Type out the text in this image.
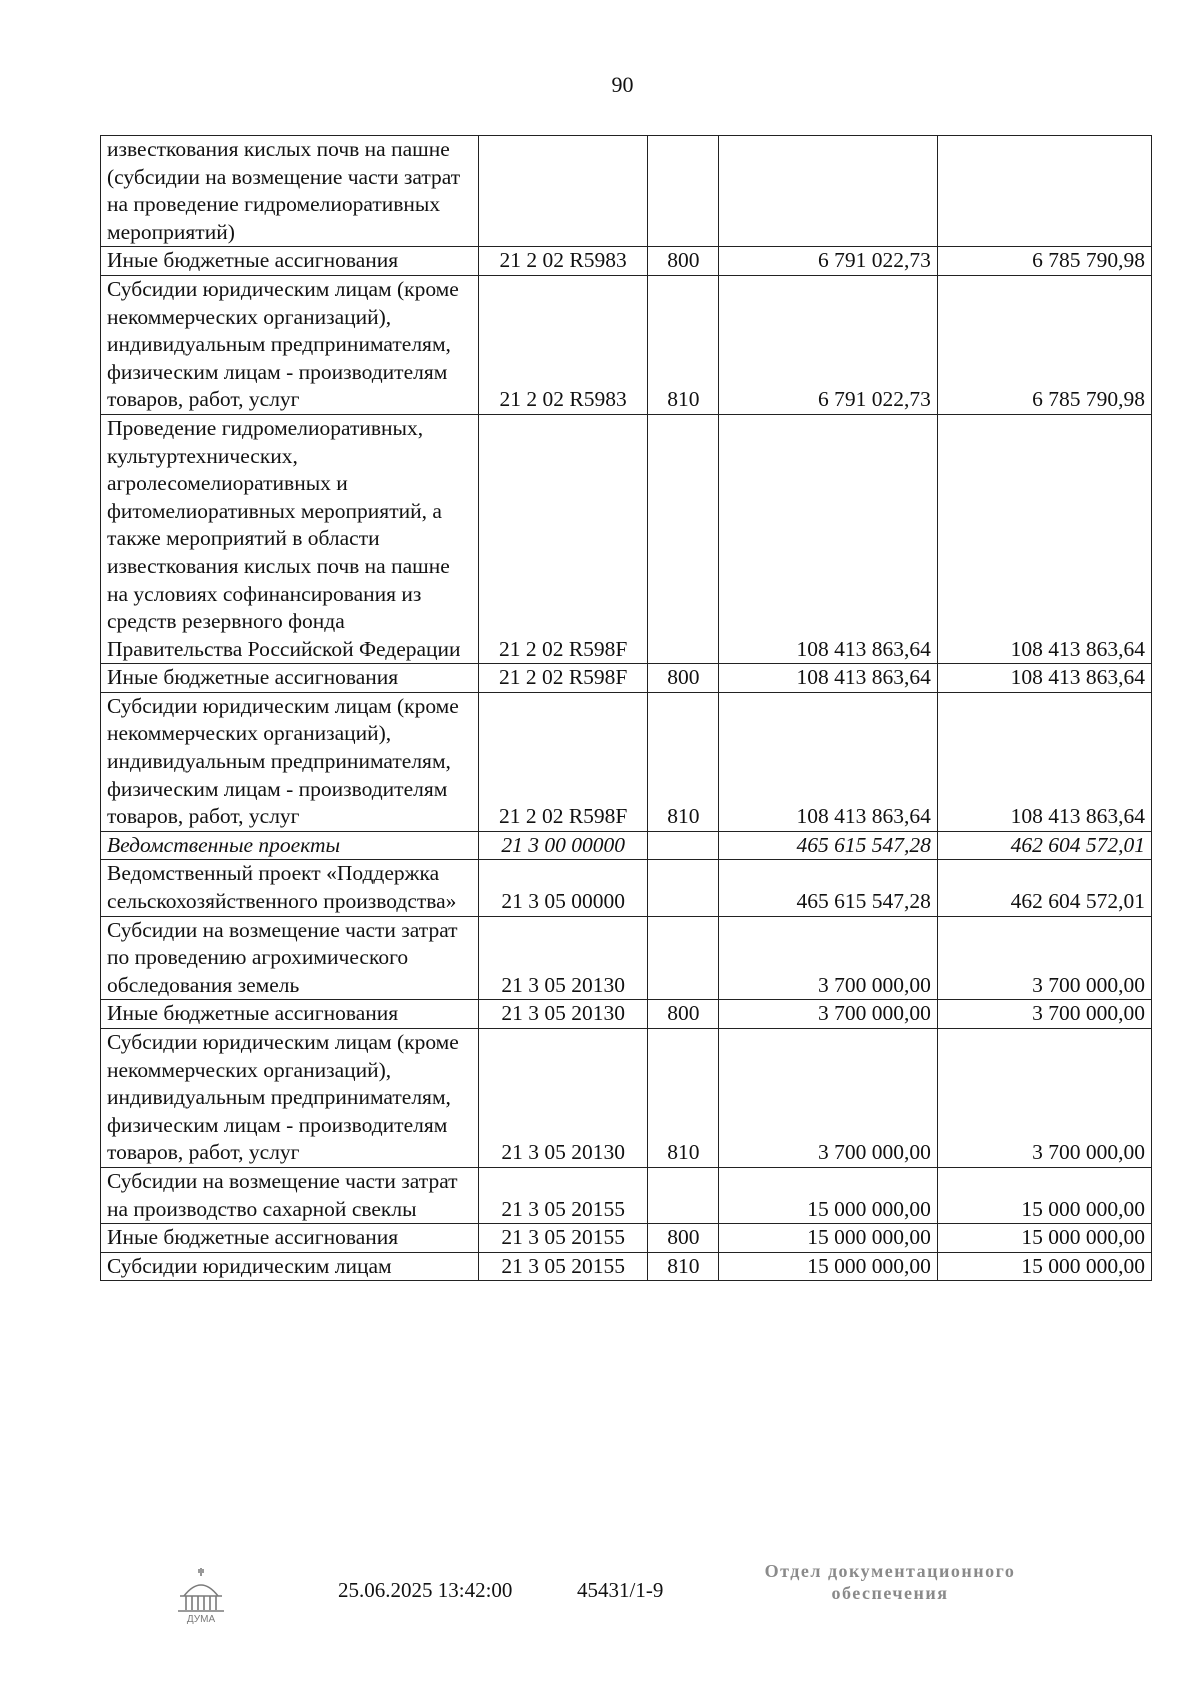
90
известкования кислых почв на пашне (субсидии на возмещение части затрат на проведение гидромелиоративных мероприятий)				
Иные бюджетные ассигнования	21 2 02 R5983	800	6 791 022,73	6 785 790,98
Субсидии юридическим лицам (кроме некоммерческих организаций), индивидуальным предпринимателям, физическим лицам - производителям товаров, работ, услуг	21 2 02 R5983	810	6 791 022,73	6 785 790,98
Проведение гидромелиоративных, культуртехнических, агролесомелиоративных и фитомелиоративных мероприятий, а также мероприятий в области известкования кислых почв на пашне на условиях софинансирования из средств резервного фонда Правительства Российской Федерации	21 2 02 R598F		108 413 863,64	108 413 863,64
Иные бюджетные ассигнования	21 2 02 R598F	800	108 413 863,64	108 413 863,64
Субсидии юридическим лицам (кроме некоммерческих организаций), индивидуальным предпринимателям, физическим лицам - производителям товаров, работ, услуг	21 2 02 R598F	810	108 413 863,64	108 413 863,64
Ведомственные проекты	21 3 00 00000		465 615 547,28	462 604 572,01
Ведомственный проект «Поддержка сельскохозяйственного производства»	21 3 05 00000		465 615 547,28	462 604 572,01
Субсидии на возмещение части затрат по проведению агрохимического обследования земель	21 3 05 20130		3 700 000,00	3 700 000,00
Иные бюджетные ассигнования	21 3 05 20130	800	3 700 000,00	3 700 000,00
Субсидии юридическим лицам (кроме некоммерческих организаций), индивидуальным предпринимателям, физическим лицам - производителям товаров, работ, услуг	21 3 05 20130	810	3 700 000,00	3 700 000,00
Субсидии на возмещение части затрат на производство сахарной свеклы	21 3 05 20155		15 000 000,00	15 000 000,00
Иные бюджетные ассигнования	21 3 05 20155	800	15 000 000,00	15 000 000,00
Субсидии юридическим лицам	21 3 05 20155	810	15 000 000,00	15 000 000,00
ДУМА
25.06.2025 13:42:00	45431/1-9
Отдел документационного
обеспечения
